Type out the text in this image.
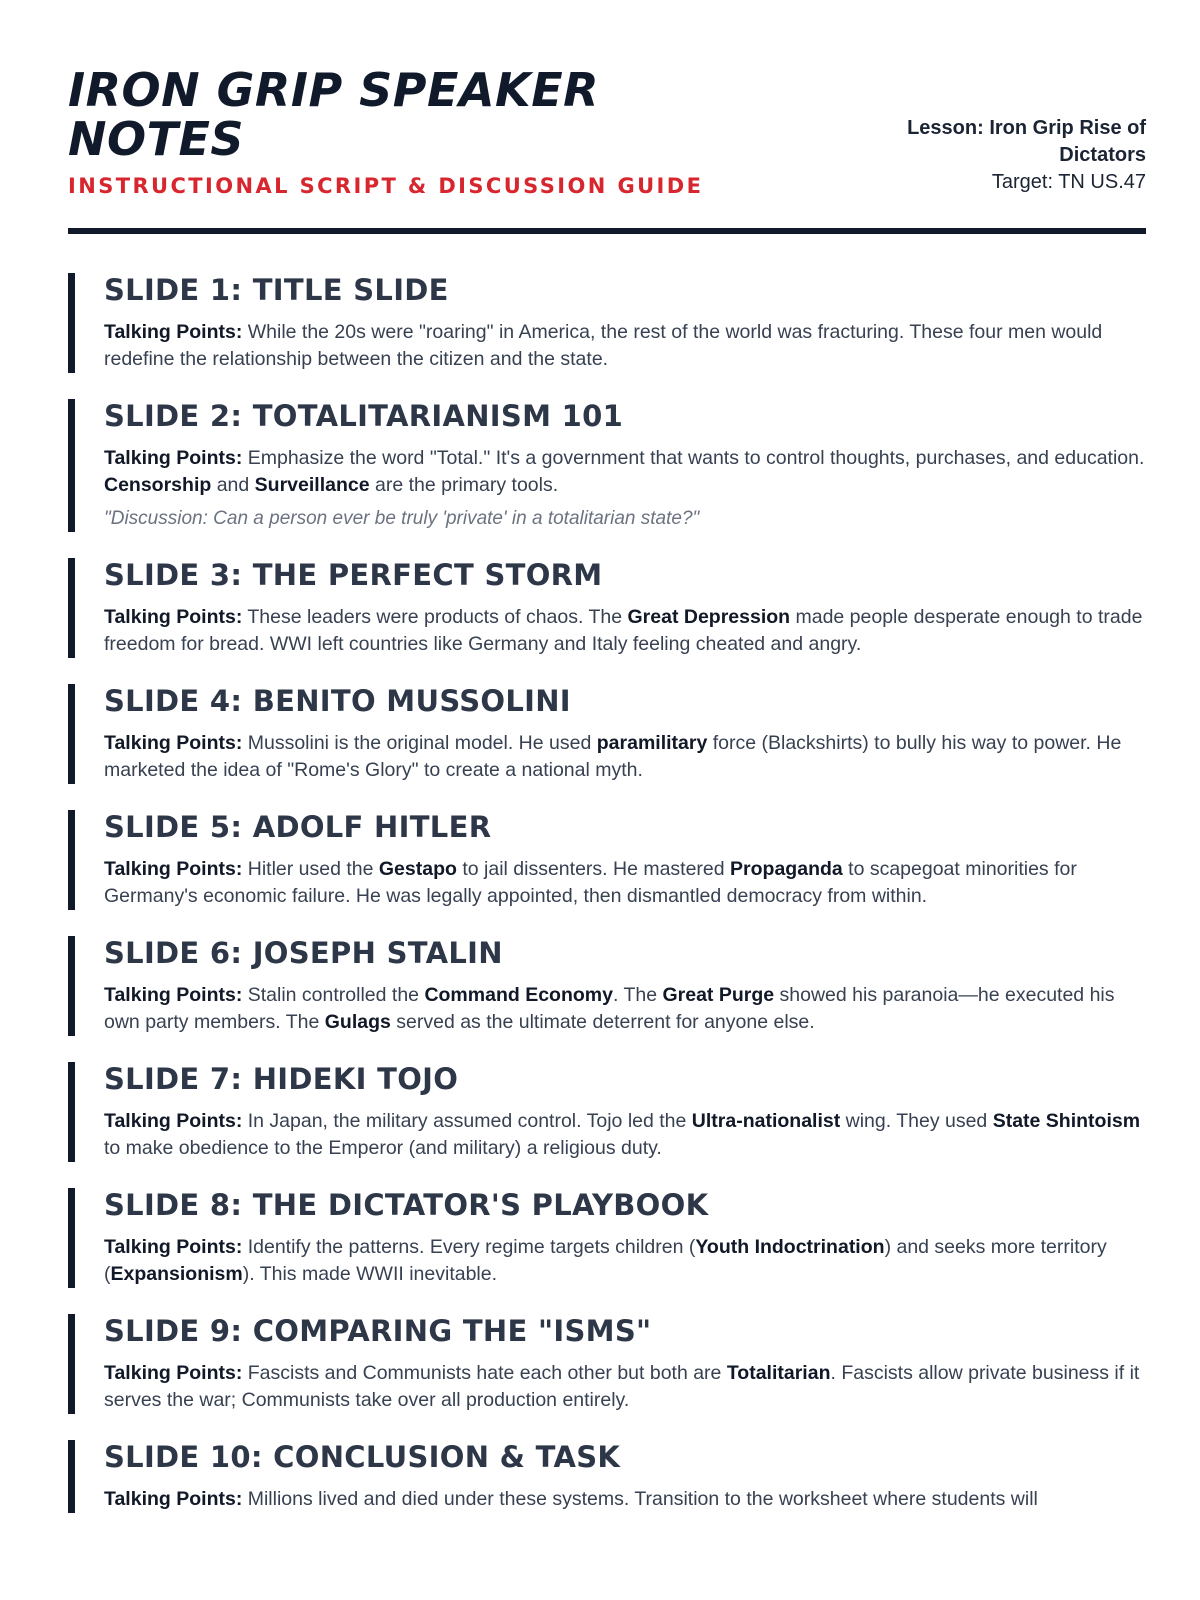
IRON GRIP SPEAKER NOTES
INSTRUCTIONAL SCRIPT & DISCUSSION GUIDE
Lesson: Iron Grip Rise of Dictators
Target: TN US.47
SLIDE 1: TITLE SLIDE

Talking Points: While the 20s were "roaring" in America, the rest of the world was fracturing. These four men would redefine the relationship between the citizen and the state.

SLIDE 2: TOTALITARIANISM 101

Talking Points: Emphasize the word "Total." It's a government that wants to control thoughts, purchases, and education. Censorship and Surveillance are the primary tools.

"Discussion: Can a person ever be truly 'private' in a totalitarian state?"

SLIDE 3: THE PERFECT STORM

Talking Points: These leaders were products of chaos. The Great Depression made people desperate enough to trade freedom for bread. WWI left countries like Germany and Italy feeling cheated and angry.

SLIDE 4: BENITO MUSSOLINI

Talking Points: Mussolini is the original model. He used paramilitary force (Blackshirts) to bully his way to power. He marketed the idea of "Rome's Glory" to create a national myth.

SLIDE 5: ADOLF HITLER

Talking Points: Hitler used the Gestapo to jail dissenters. He mastered Propaganda to scapegoat minorities for Germany's economic failure. He was legally appointed, then dismantled democracy from within.

SLIDE 6: JOSEPH STALIN

Talking Points: Stalin controlled the Command Economy. The Great Purge showed his paranoia—he executed his own party members. The Gulags served as the ultimate deterrent for anyone else.

SLIDE 7: HIDEKI TOJO

Talking Points: In Japan, the military assumed control. Tojo led the Ultra-nationalist wing. They used State Shintoism to make obedience to the Emperor (and military) a religious duty.

SLIDE 8: THE DICTATOR'S PLAYBOOK

Talking Points: Identify the patterns. Every regime targets children (Youth Indoctrination) and seeks more territory (Expansionism). This made WWII inevitable.

SLIDE 9: COMPARING THE "ISMS"

Talking Points: Fascists and Communists hate each other but both are Totalitarian. Fascists allow private business if it serves the war; Communists take over all production entirely.

SLIDE 10: CONCLUSION & TASK

Talking Points: Millions lived and died under these systems. Transition to the worksheet where students will
